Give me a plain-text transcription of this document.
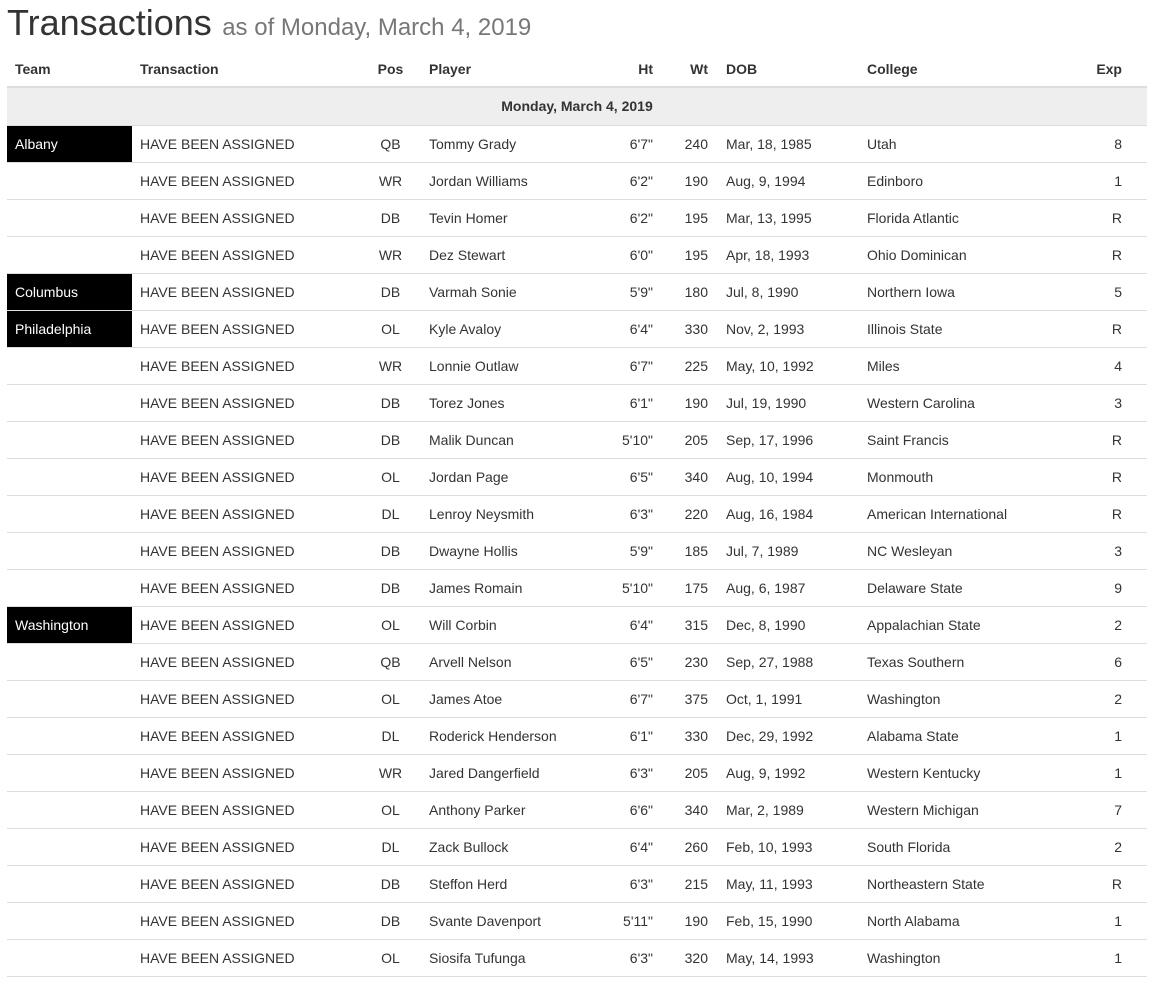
Transactions as of Monday, March 4, 2019
Team	Transaction	Pos	Player	Ht	Wt	DOB	College	Exp
Monday, March 4, 2019								
Albany	HAVE BEEN ASSIGNED	QB	Tommy Grady	6'7"	240	Mar, 18, 1985	Utah	8
	HAVE BEEN ASSIGNED	WR	Jordan Williams	6'2"	190	Aug, 9, 1994	Edinboro	1
	HAVE BEEN ASSIGNED	DB	Tevin Homer	6'2"	195	Mar, 13, 1995	Florida Atlantic	R
	HAVE BEEN ASSIGNED	WR	Dez Stewart	6'0"	195	Apr, 18, 1993	Ohio Dominican	R
Columbus	HAVE BEEN ASSIGNED	DB	Varmah Sonie	5'9"	180	Jul, 8, 1990	Northern Iowa	5
Philadelphia	HAVE BEEN ASSIGNED	OL	Kyle Avaloy	6'4"	330	Nov, 2, 1993	Illinois State	R
	HAVE BEEN ASSIGNED	WR	Lonnie Outlaw	6'7"	225	May, 10, 1992	Miles	4
	HAVE BEEN ASSIGNED	DB	Torez Jones	6'1"	190	Jul, 19, 1990	Western Carolina	3
	HAVE BEEN ASSIGNED	DB	Malik Duncan	5'10"	205	Sep, 17, 1996	Saint Francis	R
	HAVE BEEN ASSIGNED	OL	Jordan Page	6'5"	340	Aug, 10, 1994	Monmouth	R
	HAVE BEEN ASSIGNED	DL	Lenroy Neysmith	6'3"	220	Aug, 16, 1984	American International	R
	HAVE BEEN ASSIGNED	DB	Dwayne Hollis	5'9"	185	Jul, 7, 1989	NC Wesleyan	3
	HAVE BEEN ASSIGNED	DB	James Romain	5'10"	175	Aug, 6, 1987	Delaware State	9
Washington	HAVE BEEN ASSIGNED	OL	Will Corbin	6'4"	315	Dec, 8, 1990	Appalachian State	2
	HAVE BEEN ASSIGNED	QB	Arvell Nelson	6'5"	230	Sep, 27, 1988	Texas Southern	6
	HAVE BEEN ASSIGNED	OL	James Atoe	6'7"	375	Oct, 1, 1991	Washington	2
	HAVE BEEN ASSIGNED	DL	Roderick Henderson	6'1"	330	Dec, 29, 1992	Alabama State	1
	HAVE BEEN ASSIGNED	WR	Jared Dangerfield	6'3"	205	Aug, 9, 1992	Western Kentucky	1
	HAVE BEEN ASSIGNED	OL	Anthony Parker	6'6"	340	Mar, 2, 1989	Western Michigan	7
	HAVE BEEN ASSIGNED	DL	Zack Bullock	6'4"	260	Feb, 10, 1993	South Florida	2
	HAVE BEEN ASSIGNED	DB	Steffon Herd	6'3"	215	May, 11, 1993	Northeastern State	R
	HAVE BEEN ASSIGNED	DB	Svante Davenport	5'11"	190	Feb, 15, 1990	North Alabama	1
	HAVE BEEN ASSIGNED	OL	Siosifa Tufunga	6'3"	320	May, 14, 1993	Washington	1
